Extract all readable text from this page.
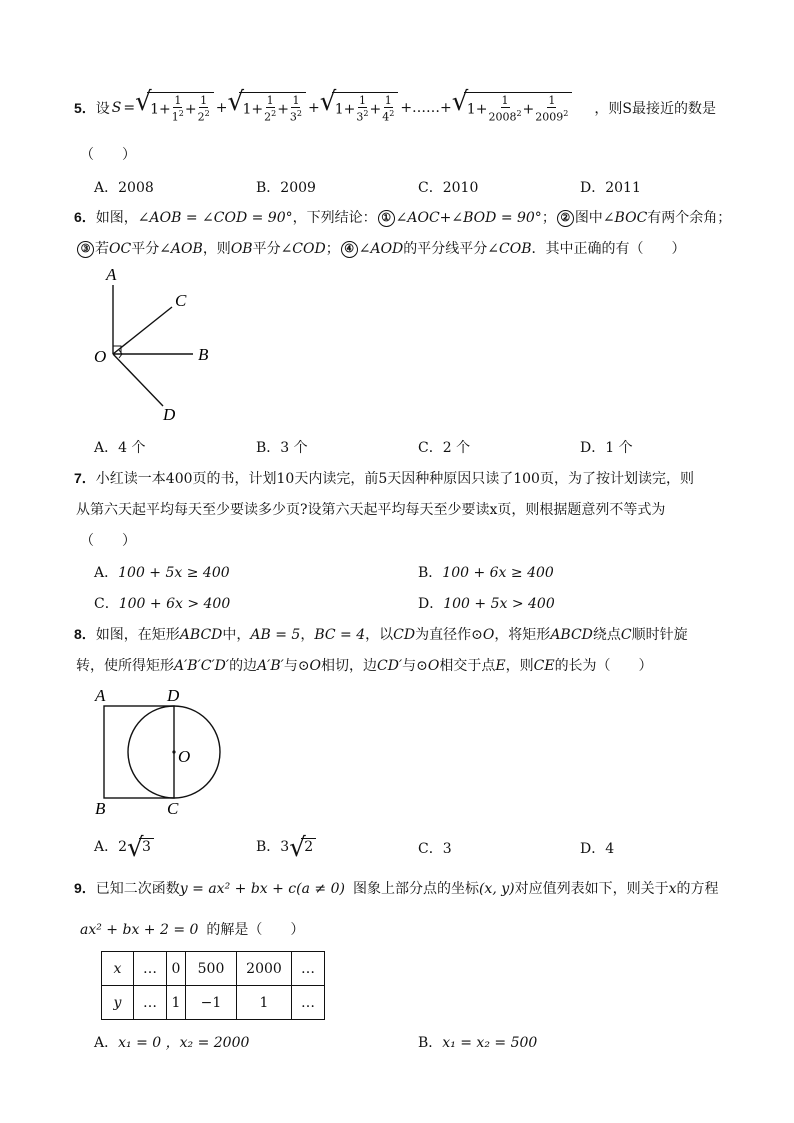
5． 设 S = √ $1+ \frac{1}{1^2} + \frac{1}{2^2}$ + √ $1+ \frac{1}{2^2} + \frac{1}{3^2}$ + √ $1+ \frac{1}{3^2} + \frac{1}{4^2}$ +……+ √ $1+ \frac{1}{2008^2} + \frac{1}{2009^2}$ ，则S最接近的数是
（　　）
A．2008	B．2009	C．2010	D．2011
6．如图，∠AOB = ∠COD = 90°，下列结论： ① ∠AOC+∠BOD = 90°； ② 图中∠BOC有两个余角；
③ 若OC平分∠AOB，则OB平分∠COD； ④ ∠AOD的平分线平分∠COB．其中正确的有（　　）
A
C
O	B
D
A．4 个	B．3 个	C．2 个	D．1 个
7．小红读一本400页的书，计划10天内读完，前5天因种种原因只读了100页，为了按计划读完，则
从第六天起平均每天至少要读多少页?设第六天起平均每天至少要读x页，则根据题意列不等式为
（　　）
A．100 + 5x ≥ 400	B．100 + 6x ≥ 400
C．100 + 6x > 400	D．100 + 5x > 400
8．如图，在矩形ABCD中，AB = 5，BC = 4，以CD为直径作⊙O，将矩形ABCD绕点C顺时针旋
转，使所得矩形A′B′C′D′的边A′B′与⊙O相切，边CD′与⊙O相交于点E，则CE的长为（　　）
A	D
O
B	C
A．2 √ 3	B．3 √ 2	C．3	D．4
9．已知二次函数y = ax² + bx + c(a ≠ 0) 图象上部分点的坐标(x, y)对应值列表如下，则关于x的方程
ax² + bx + 2 = 0 的解是（　　）
x	…	0	500	2000	…
y	…	1	−1	1	…
A．x₁ = 0 ，x₂ = 2000	B．x₁ = x₂ = 500
